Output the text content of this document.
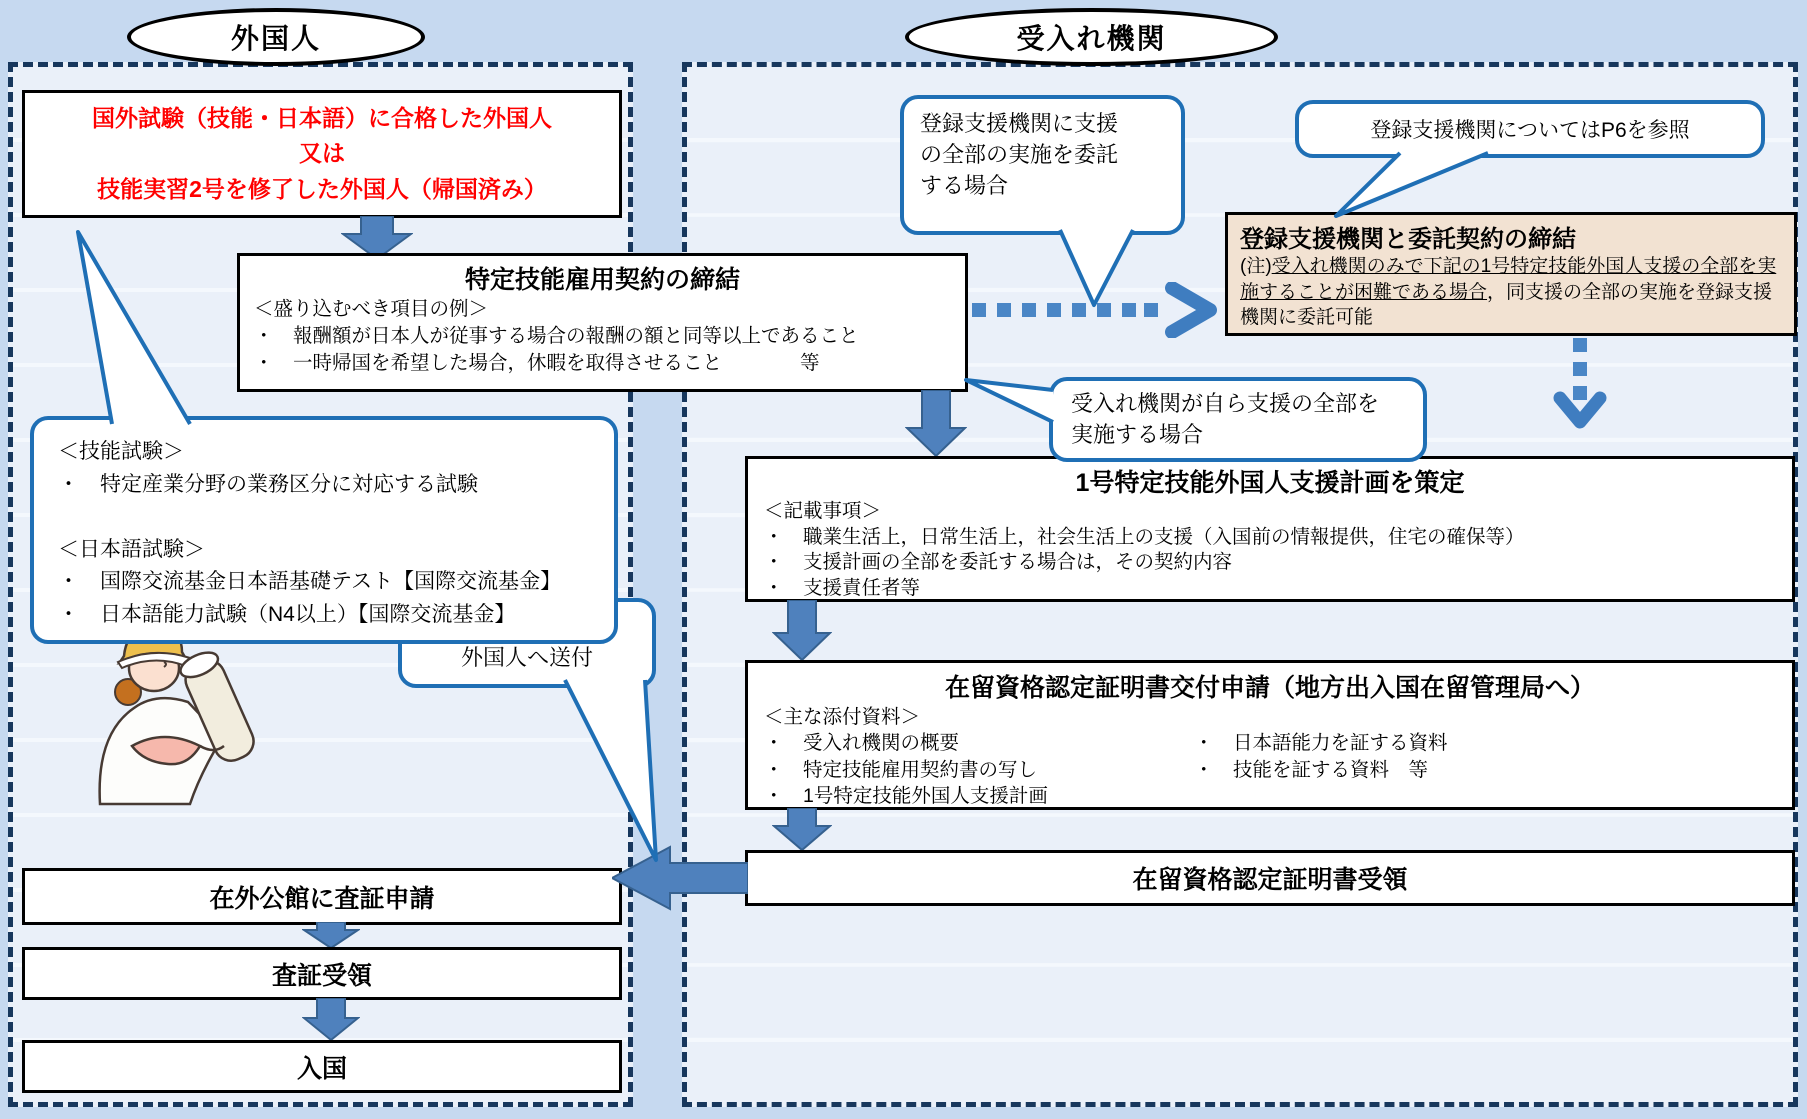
外国人	受入れ機関
国外試験（技能・日本語）に合格した外国人
又は
技能実習2号を修了した外国人（帰国済み）
特定技能雇用契約の締結
＜盛り込むべき項目の例＞
・　報酬額が日本人が従事する場合の報酬の額と同等以上であること
・　一時帰国を希望した場合，休暇を取得させること　　　　等
登録支援機関に支援
の全部の実施を委託
する場合
登録支援機関についてはP6を参照
登録支援機関と委託契約の締結
(注)受入れ機関のみで下記の1号特定技能外国人支援の全部を実施することが困難である場合，同支援の全部の実施を登録支援機関に委託可能
受入れ機関が自ら支援の全部を
実施する場合
1号特定技能外国人支援計画を策定
＜記載事項＞
・　職業生活上，日常生活上，社会生活上の支援（入国前の情報提供，住宅の確保等）
・　支援計画の全部を委託する場合は，その契約内容
・　支援責任者等
在留資格認定証明書交付申請（地方出入国在留管理局へ）
＜主な添付資料＞
・　受入れ機関の概要
・　特定技能雇用契約書の写し
・　1号特定技能外国人支援計画
・　日本語能力を証する資料
・　技能を証する資料　等
在留資格認定証明書受領
外国人へ送付
＜技能試験＞
・　特定産業分野の業務区分に対応する試験
＜日本語試験＞
・　国際交流基金日本語基礎テスト【国際交流基金】
・　日本語能力試験（N4以上）【国際交流基金】
在外公館に査証申請
査証受領
入国
